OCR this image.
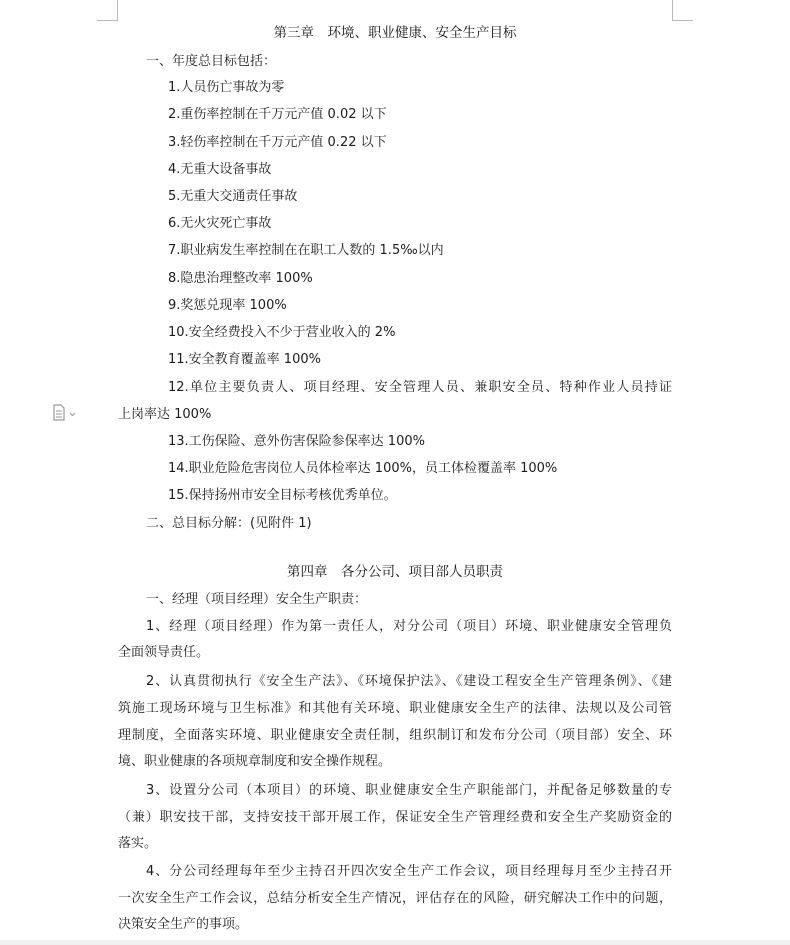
第三章　环境、职业健康、安全生产目标
一、年度总目标包括：
1.人员伤亡事故为零
2.重伤率控制在千万元产值 0.02 以下
3.轻伤率控制在千万元产值 0.22 以下
4.无重大设备事故
5.无重大交通责任事故
6.无火灾死亡事故
7.职业病发生率控制在在职工人数的 1.5‰以内
8.隐患治理整改率 100%
9.奖惩兑现率 100%
10.安全经费投入不少于营业收入的 2%
11.安全教育覆盖率 100%
12.单位主要负责人、项目经理、安全管理人员、兼职安全员、特种作业人员持证
上岗率达 100%
13.工伤保险、意外伤害保险参保率达 100%
14.职业危险危害岗位人员体检率达 100%，员工体检覆盖率 100%
15.保持扬州市安全目标考核优秀单位。
二、总目标分解：(见附件 1)
第四章　各分公司、项目部人员职责
一、经理（项目经理）安全生产职责：
1、经理（项目经理）作为第一责任人，对分公司（项目）环境、职业健康安全管理负
全面领导责任。
2、认真贯彻执行《安全生产法》、《环境保护法》、《建设工程安全生产管理条例》、《建
筑施工现场环境与卫生标准》和其他有关环境、职业健康安全生产的法律、法规以及公司管
理制度，全面落实环境、职业健康安全责任制，组织制订和发布分公司（项目部）安全、环
境、职业健康的各项规章制度和安全操作规程。
3、设置分公司（本项目）的环境、职业健康安全生产职能部门，并配备足够数量的专
（兼）职安技干部，支持安技干部开展工作，保证安全生产管理经费和安全生产奖励资金的
落实。
4、分公司经理每年至少主持召开四次安全生产工作会议，项目经理每月至少主持召开
一次安全生产工作会议，总结分析安全生产情况，评估存在的风险，研究解决工作中的问题，
决策安全生产的事项。
